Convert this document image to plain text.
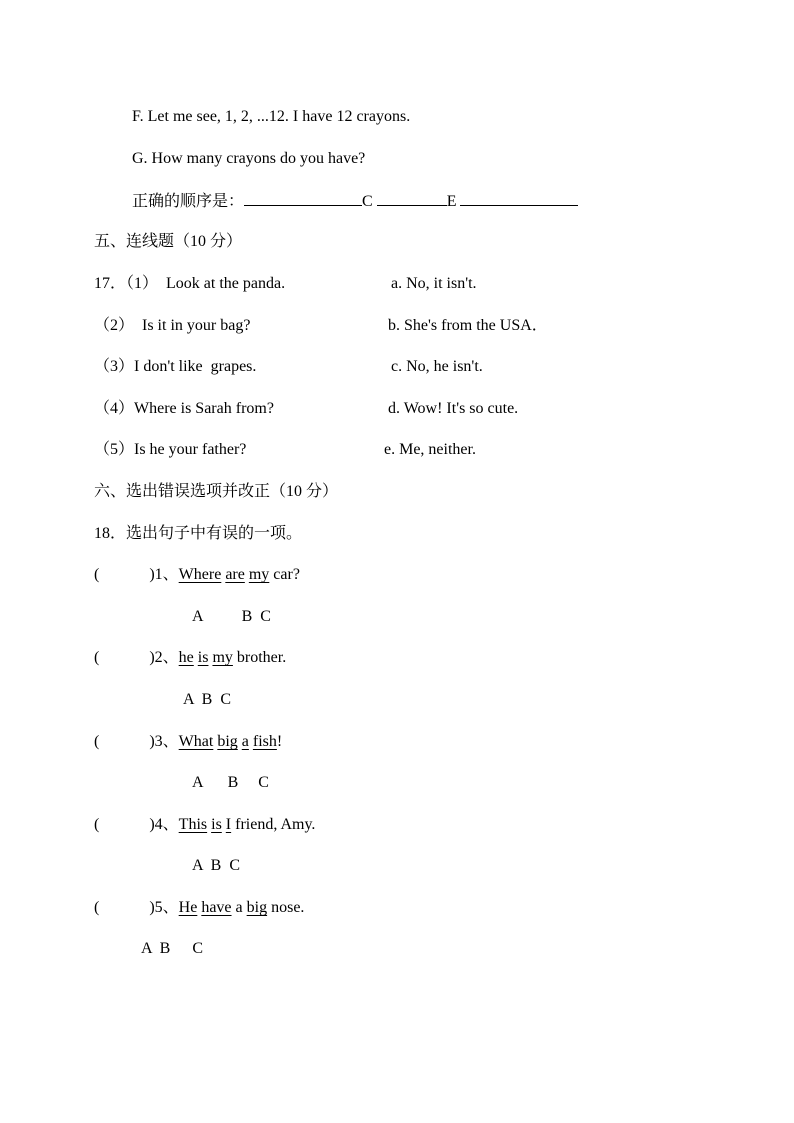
F. Let me see, 1, 2, ...12. I have 12 crayons.
G. How many crayons do you have?
正确的顺序是：	C	E
五、连线题（10 分）
17．（1）  Look at the panda.	a. No, it isn't.
（2）  Is it in your bag?	b. She's from the USA．
（3）I don't like  grapes.	c. No, he isn't.
（4）Where is Sarah from?	d. Wow! It's so cute.
（5）Is he your father?	e. Me, neither.
六、选出错误选项并改正（10 分）
18．选出句子中有误的一项。
(	)1、Where are my car?
A B C
(	)2、he is my brother.
A B C
(	)3、What big a fish!
A B C
(	)4、This is I friend, Amy.
A B C
(	)5、He have a big nose.
A B C
